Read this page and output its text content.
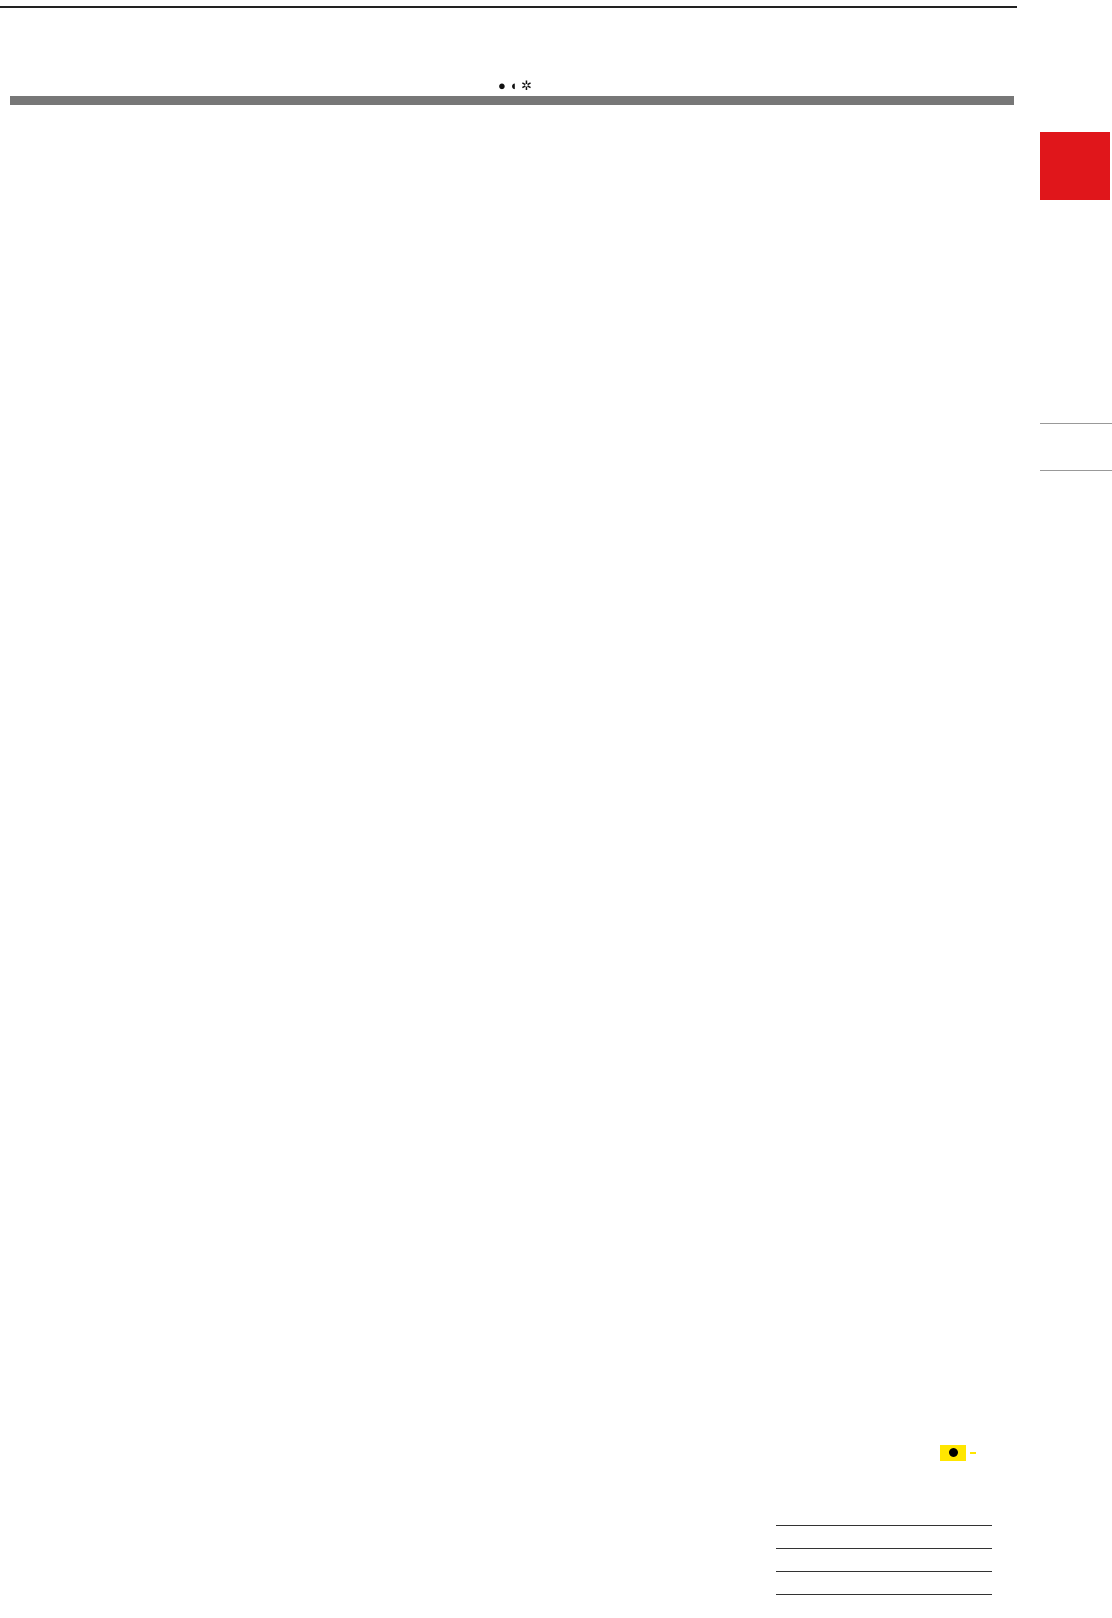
● ◖ ✲
